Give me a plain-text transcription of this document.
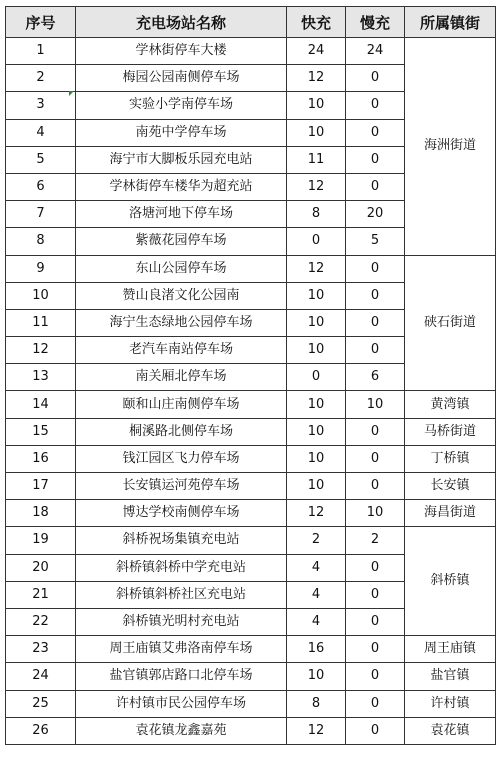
序号	充电场站名称	快充	慢充	所属镇街
1	学林街停车大楼	24	24	海洲街道
2	梅园公园南侧停车场	12	0	
3	实验小学南停车场	10	0	
4	南苑中学停车场	10	0	
5	海宁市大脚板乐园充电站	11	0	
6	学林街停车楼华为超充站	12	0	
7	洛塘河地下停车场	8	20	
8	紫薇花园停车场	0	5	
9	东山公园停车场	12	0	硖石街道
10	赞山良渚文化公园南	10	0	
11	海宁生态绿地公园停车场	10	0	
12	老汽车南站停车场	10	0	
13	南关厢北停车场	0	6	
14	颐和山庄南侧停车场	10	10	黄湾镇
15	桐溪路北侧停车场	10	0	马桥街道
16	钱江园区飞力停车场	10	0	丁桥镇
17	长安镇运河苑停车场	10	0	长安镇
18	博达学校南侧停车场	12	10	海昌街道
19	斜桥祝场集镇充电站	2	2	斜桥镇
20	斜桥镇斜桥中学充电站	4	0	
21	斜桥镇斜桥社区充电站	4	0	
22	斜桥镇光明村充电站	4	0	
23	周王庙镇艾弗洛南停车场	16	0	周王庙镇
24	盐官镇郭店路口北停车场	10	0	盐官镇
25	许村镇市民公园停车场	8	0	许村镇
26	袁花镇龙鑫嘉苑	12	0	袁花镇
